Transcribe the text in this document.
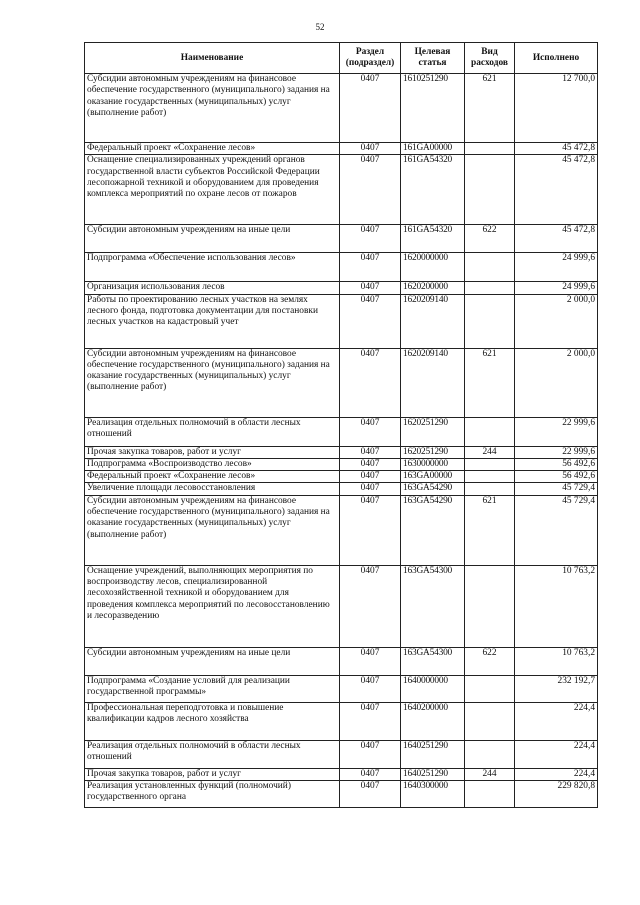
52
Наименование	Раздел (подраздел)	Целевая статья	Вид расходов	Исполнено
Субсидии автономным учреждениям на финансовое обеспечение государственного (муниципального) задания на оказание государственных (муниципальных) услуг (выполнение работ)	0407	1610251290	621	12 700,0
Федеральный проект «Сохранение лесов»	0407	161GA00000		45 472,8
Оснащение специализированных учреждений органов государственной власти субъектов Российской Федерации лесопожарной техникой и оборудованием для проведения комплекса мероприятий по охране лесов от пожаров	0407	161GA54320		45 472,8
Субсидии автономным учреждениям на иные цели	0407	161GA54320	622	45 472,8
Подпрограмма «Обеспечение использования лесов»	0407	1620000000		24 999,6
Организация использования лесов	0407	1620200000		24 999,6
Работы по проектированию лесных участков на землях лесного фонда, подготовка документации для постановки лесных участков на кадастровый учет	0407	1620209140		2 000,0
Субсидии автономным учреждениям на финансовое обеспечение государственного (муниципального) задания на оказание государственных (муниципальных) услуг (выполнение работ)	0407	1620209140	621	2 000,0
Реализация отдельных полномочий в области лесных отношений	0407	1620251290		22 999,6
Прочая закупка товаров, работ и услуг	0407	1620251290	244	22 999,6
Подпрограмма «Воспроизводство лесов»	0407	1630000000		56 492,6
Федеральный проект «Сохранение лесов»	0407	163GA00000		56 492,6
Увеличение площади лесовосстановления	0407	163GA54290		45 729,4
Субсидии автономным учреждениям на финансовое обеспечение государственного (муниципального) задания на оказание государственных (муниципальных) услуг (выполнение работ)	0407	163GA54290	621	45 729,4
Оснащение учреждений, выполняющих мероприятия по воспроизводству лесов, специализированной лесохозяйственной техникой и оборудованием для проведения комплекса мероприятий по лесовосстановлению и лесоразведению	0407	163GA54300		10 763,2
Субсидии автономным учреждениям на иные цели	0407	163GA54300	622	10 763,2
Подпрограмма «Создание условий для реализации государственной программы»	0407	1640000000		232 192,7
Профессиональная переподготовка и повышение квалификации кадров лесного хозяйства	0407	1640200000		224,4
Реализация отдельных полномочий в области лесных отношений	0407	1640251290		224,4
Прочая закупка товаров, работ и услуг	0407	1640251290	244	224,4
Реализация установленных функций (полномочий) государственного органа	0407	1640300000		229 820,8
